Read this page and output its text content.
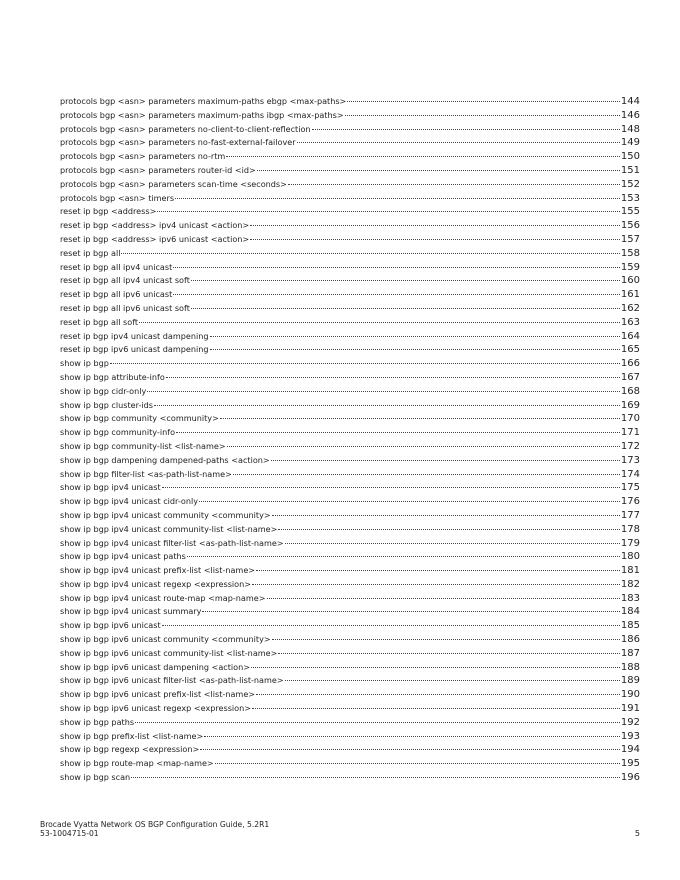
protocols bgp <asn> parameters maximum-paths ebgp <max-paths>	144
protocols bgp <asn> parameters maximum-paths ibgp <max-paths>	146
protocols bgp <asn> parameters no-client-to-client-reflection	148
protocols bgp <asn> parameters no-fast-external-failover	149
protocols bgp <asn> parameters no-rtm	150
protocols bgp <asn> parameters router-id <id>	151
protocols bgp <asn> parameters scan-time <seconds>	152
protocols bgp <asn> timers	153
reset ip bgp <address>	155
reset ip bgp <address> ipv4 unicast <action>	156
reset ip bgp <address> ipv6 unicast <action>	157
reset ip bgp all	158
reset ip bgp all ipv4 unicast	159
reset ip bgp all ipv4 unicast soft	160
reset ip bgp all ipv6 unicast	161
reset ip bgp all ipv6 unicast soft	162
reset ip bgp all soft	163
reset ip bgp ipv4 unicast dampening	164
reset ip bgp ipv6 unicast dampening	165
show ip bgp	166
show ip bgp attribute-info	167
show ip bgp cidr-only	168
show ip bgp cluster-ids	169
show ip bgp community <community>	170
show ip bgp community-info	171
show ip bgp community-list <list-name>	172
show ip bgp dampening dampened-paths <action>	173
show ip bgp filter-list <as-path-list-name>	174
show ip bgp ipv4 unicast	175
show ip bgp ipv4 unicast cidr-only	176
show ip bgp ipv4 unicast community <community>	177
show ip bgp ipv4 unicast community-list <list-name>	178
show ip bgp ipv4 unicast filter-list <as-path-list-name>	179
show ip bgp ipv4 unicast paths	180
show ip bgp ipv4 unicast prefix-list <list-name>	181
show ip bgp ipv4 unicast regexp <expression>	182
show ip bgp ipv4 unicast route-map <map-name>	183
show ip bgp ipv4 unicast summary	184
show ip bgp ipv6 unicast	185
show ip bgp ipv6 unicast community <community>	186
show ip bgp ipv6 unicast community-list <list-name>	187
show ip bgp ipv6 unicast dampening <action>	188
show ip bgp ipv6 unicast filter-list <as-path-list-name>	189
show ip bgp ipv6 unicast prefix-list <list-name>	190
show ip bgp ipv6 unicast regexp <expression>	191
show ip bgp paths	192
show ip bgp prefix-list <list-name>	193
show ip bgp regexp <expression>	194
show ip bgp route-map <map-name>	195
show ip bgp scan	196
Brocade Vyatta Network OS BGP Configuration Guide, 5.2R1
53-1004715-01	5
